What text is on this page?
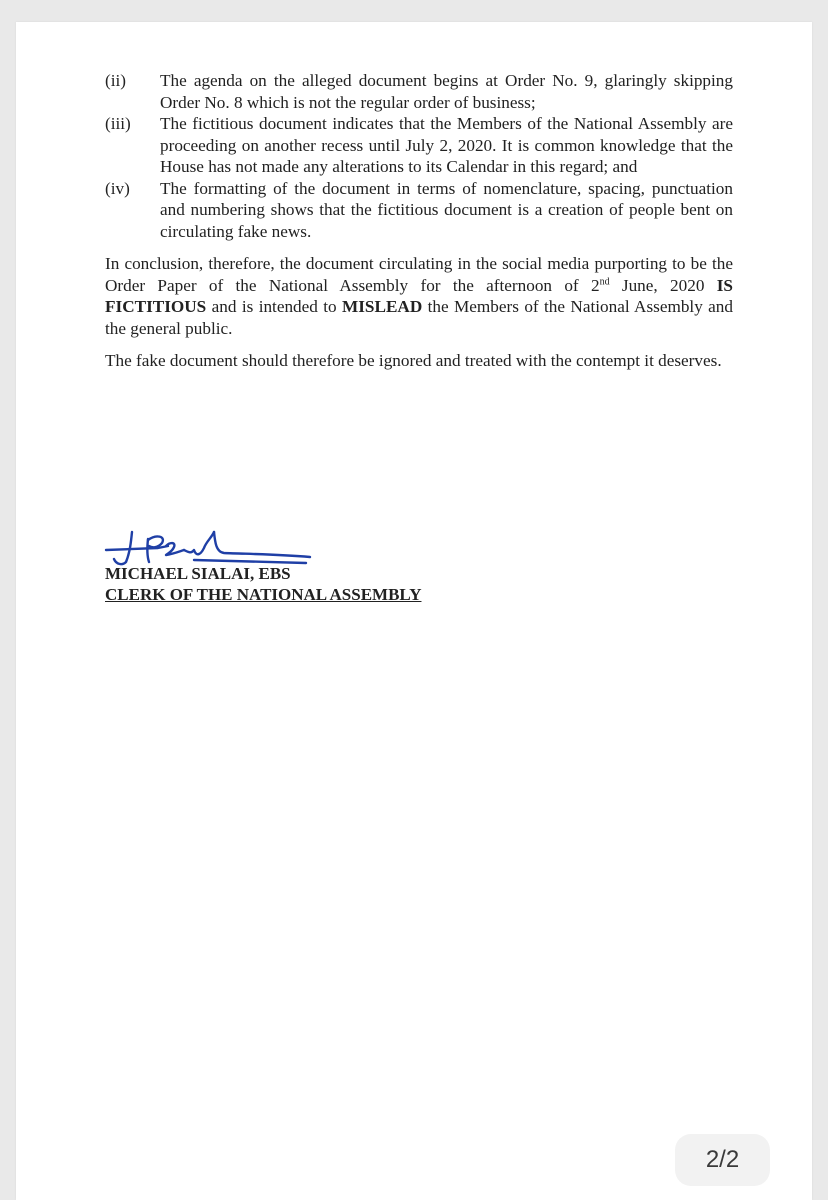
(ii)	The agenda on the alleged document begins at Order No. 9, glaringly skipping Order No. 8 which is not the regular order of business;
(iii)	The fictitious document indicates that the Members of the National Assembly are proceeding on another recess until July 2, 2020. It is common knowledge that the House has not made any alterations to its Calendar in this regard; and
(iv)	The formatting of the document in terms of nomenclature, spacing, punctuation and numbering shows that the fictitious document is a creation of people bent on circulating fake news.

In conclusion, therefore, the document circulating in the social media purporting to be the Order Paper of the National Assembly for the afternoon of 2nd June, 2020 IS FICTITIOUS and is intended to MISLEAD the Members of the National Assembly and the general public.

The fake document should therefore be ignored and treated with the contempt it deserves.

MICHAEL SIALAI, EBS
CLERK OF THE NATIONAL ASSEMBLY
2/2
